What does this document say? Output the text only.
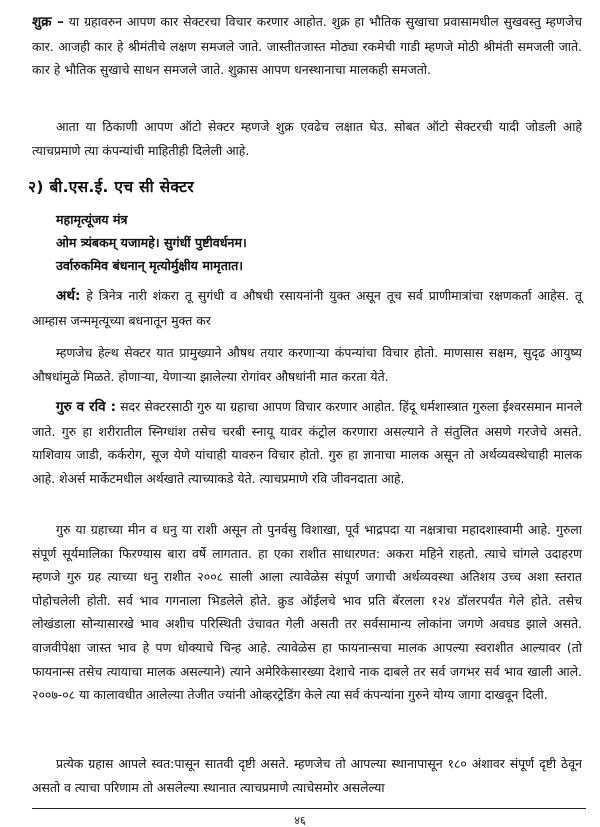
शुक्र – या ग्रहावरुन आपण कार सेक्टरचा विचार करणार आहोत. शुक्र हा भौतिक सुखाचा प्रवासामधील सुखवस्तु म्हणजेच कार. आजही कार हे श्रीमंतीचे लक्षण समजले जाते. जास्तीतजास्त मोठ्या रकमेची गाडी म्हणजे मोठी श्रीमंती समजली जाते. कार हे भौतिक सुखाचे साधन समजले जाते. शुक्रास आपण धनस्थानाचा मालकही समजतो.

आता या ठिकाणी आपण ऑटो सेक्टर म्हणजे शुक्र एवढेच लक्षात घेउ. सोबत ऑटो सेक्टरची यादी जोडली आहे त्याचप्रमाणे त्या कंपन्यांची माहितीही दिलेली आहे.

२) बी.एस.ई. एच सी सेक्टर
महामृत्यूंजय मंत्र
ओम त्र्यंबकम् यजामहे। सुगंधीं पुष्टीवर्धनम।
उर्वारुकमिव बंधनान् मृत्योर्मुक्षीय मामृतात।

अर्थ: हे त्रिनेत्र नारी शंकरा तू सुगंधी व औषधी रसायनांनी युक्त असून तूच सर्व प्राणीमात्रांचा रक्षणकर्ता आहेस. तू आम्हास जन्ममृत्यूच्या बधनातून मुक्त कर

म्हणजेच हेल्थ सेक्टर यात प्रामुख्याने औषध तयार करणाऱ्या कंपन्यांचा विचार होतो. माणसास सक्षम, सुदृढ आयुष्य औषधांमुळे मिळते. होणाऱ्या, येणाऱ्या झालेल्या रोगांवर औषधांनी मात करता येते.

गुरु व रवि : सदर सेक्टरसाठी गुरु या ग्रहाचा आपण विचार करणार आहोत. हिंदू धर्मशास्त्रात गुरुला ईश्वरसमान मानले जाते. गुरु हा शरीरातील स्निग्धांश तसेच चरबी स्नायू यावर कंट्रोल करणारा असल्याने ते संतुलित असणे गरजेचे असते. याशिवाय जाडी, कर्करोग, सूज येणे यांचाही यावरुन विचार होतो. गुरु हा ज्ञानाचा मालक असून तो अर्थव्यवस्थेचाही मालक आहे. शेअर्स मार्केटमधील अर्थखाते त्याच्याकडे येते. त्याचप्रमाणे रवि जीवनदाता आहे.

गुरु या ग्रहाच्या मीन व धनु या राशी असून तो पुनर्वसु विशाखा, पूर्व भाद्रपदा या नक्षत्राचा महादशास्वामी आहे. गुरुला संपूर्ण सूर्यमालिका फिरण्यास बारा वर्षे लागतात. हा एका राशीत साधारणत: अकरा महिने राहतो. त्याचे चांगले उदाहरण म्हणजे गुरु ग्रह त्याच्या धनु राशीत २००८ साली आला त्यावेळेस संपूर्ण जगाची अर्थव्यवस्था अतिशय उच्च अशा स्तरात पोहोचलेली होती. सर्व भाव गगनाला भिडलेले होते. क्रुड ऑईलचे भाव प्रति बॅरलला १२४ डॉलरपर्यंत गेले होते. तसेच लोखंडाला सोन्यासारखे भाव अशीच परिस्थिती उंचावत गेली असती तर सर्वसामान्य लोकांना जगणे अवघड झाले असते. वाजवीपेक्षा जास्त भाव हे पण धोक्याचे चिन्ह आहे. त्यावेळेस हा फायनान्सचा मालक आपल्या स्वराशीत आल्यावर (तो फायनान्स तसेच त्यायाचा मालक असल्याने) त्याने अमेरिकेसारख्या देशाचे नाक दाबले तर सर्व जगभर सर्व भाव खाली आले. २००७-०८ या कालावधीत आलेल्या तेजीत ज्यांनी ओव्हरट्रेडिंग केले त्या सर्व कंपन्यांना गुरुने योग्य जागा दाखवून दिली.

प्रत्येक ग्रहास आपले स्वत:पासून सातवी दृष्टी असते. म्हणजेच तो आपल्या स्थानापासून १८० अंशावर संपूर्ण दृष्टी ठेवून असतो व त्याचा परिणाम तो असलेल्या स्थानात त्याचप्रमाणे त्याचेसमोर असलेल्या

४६
